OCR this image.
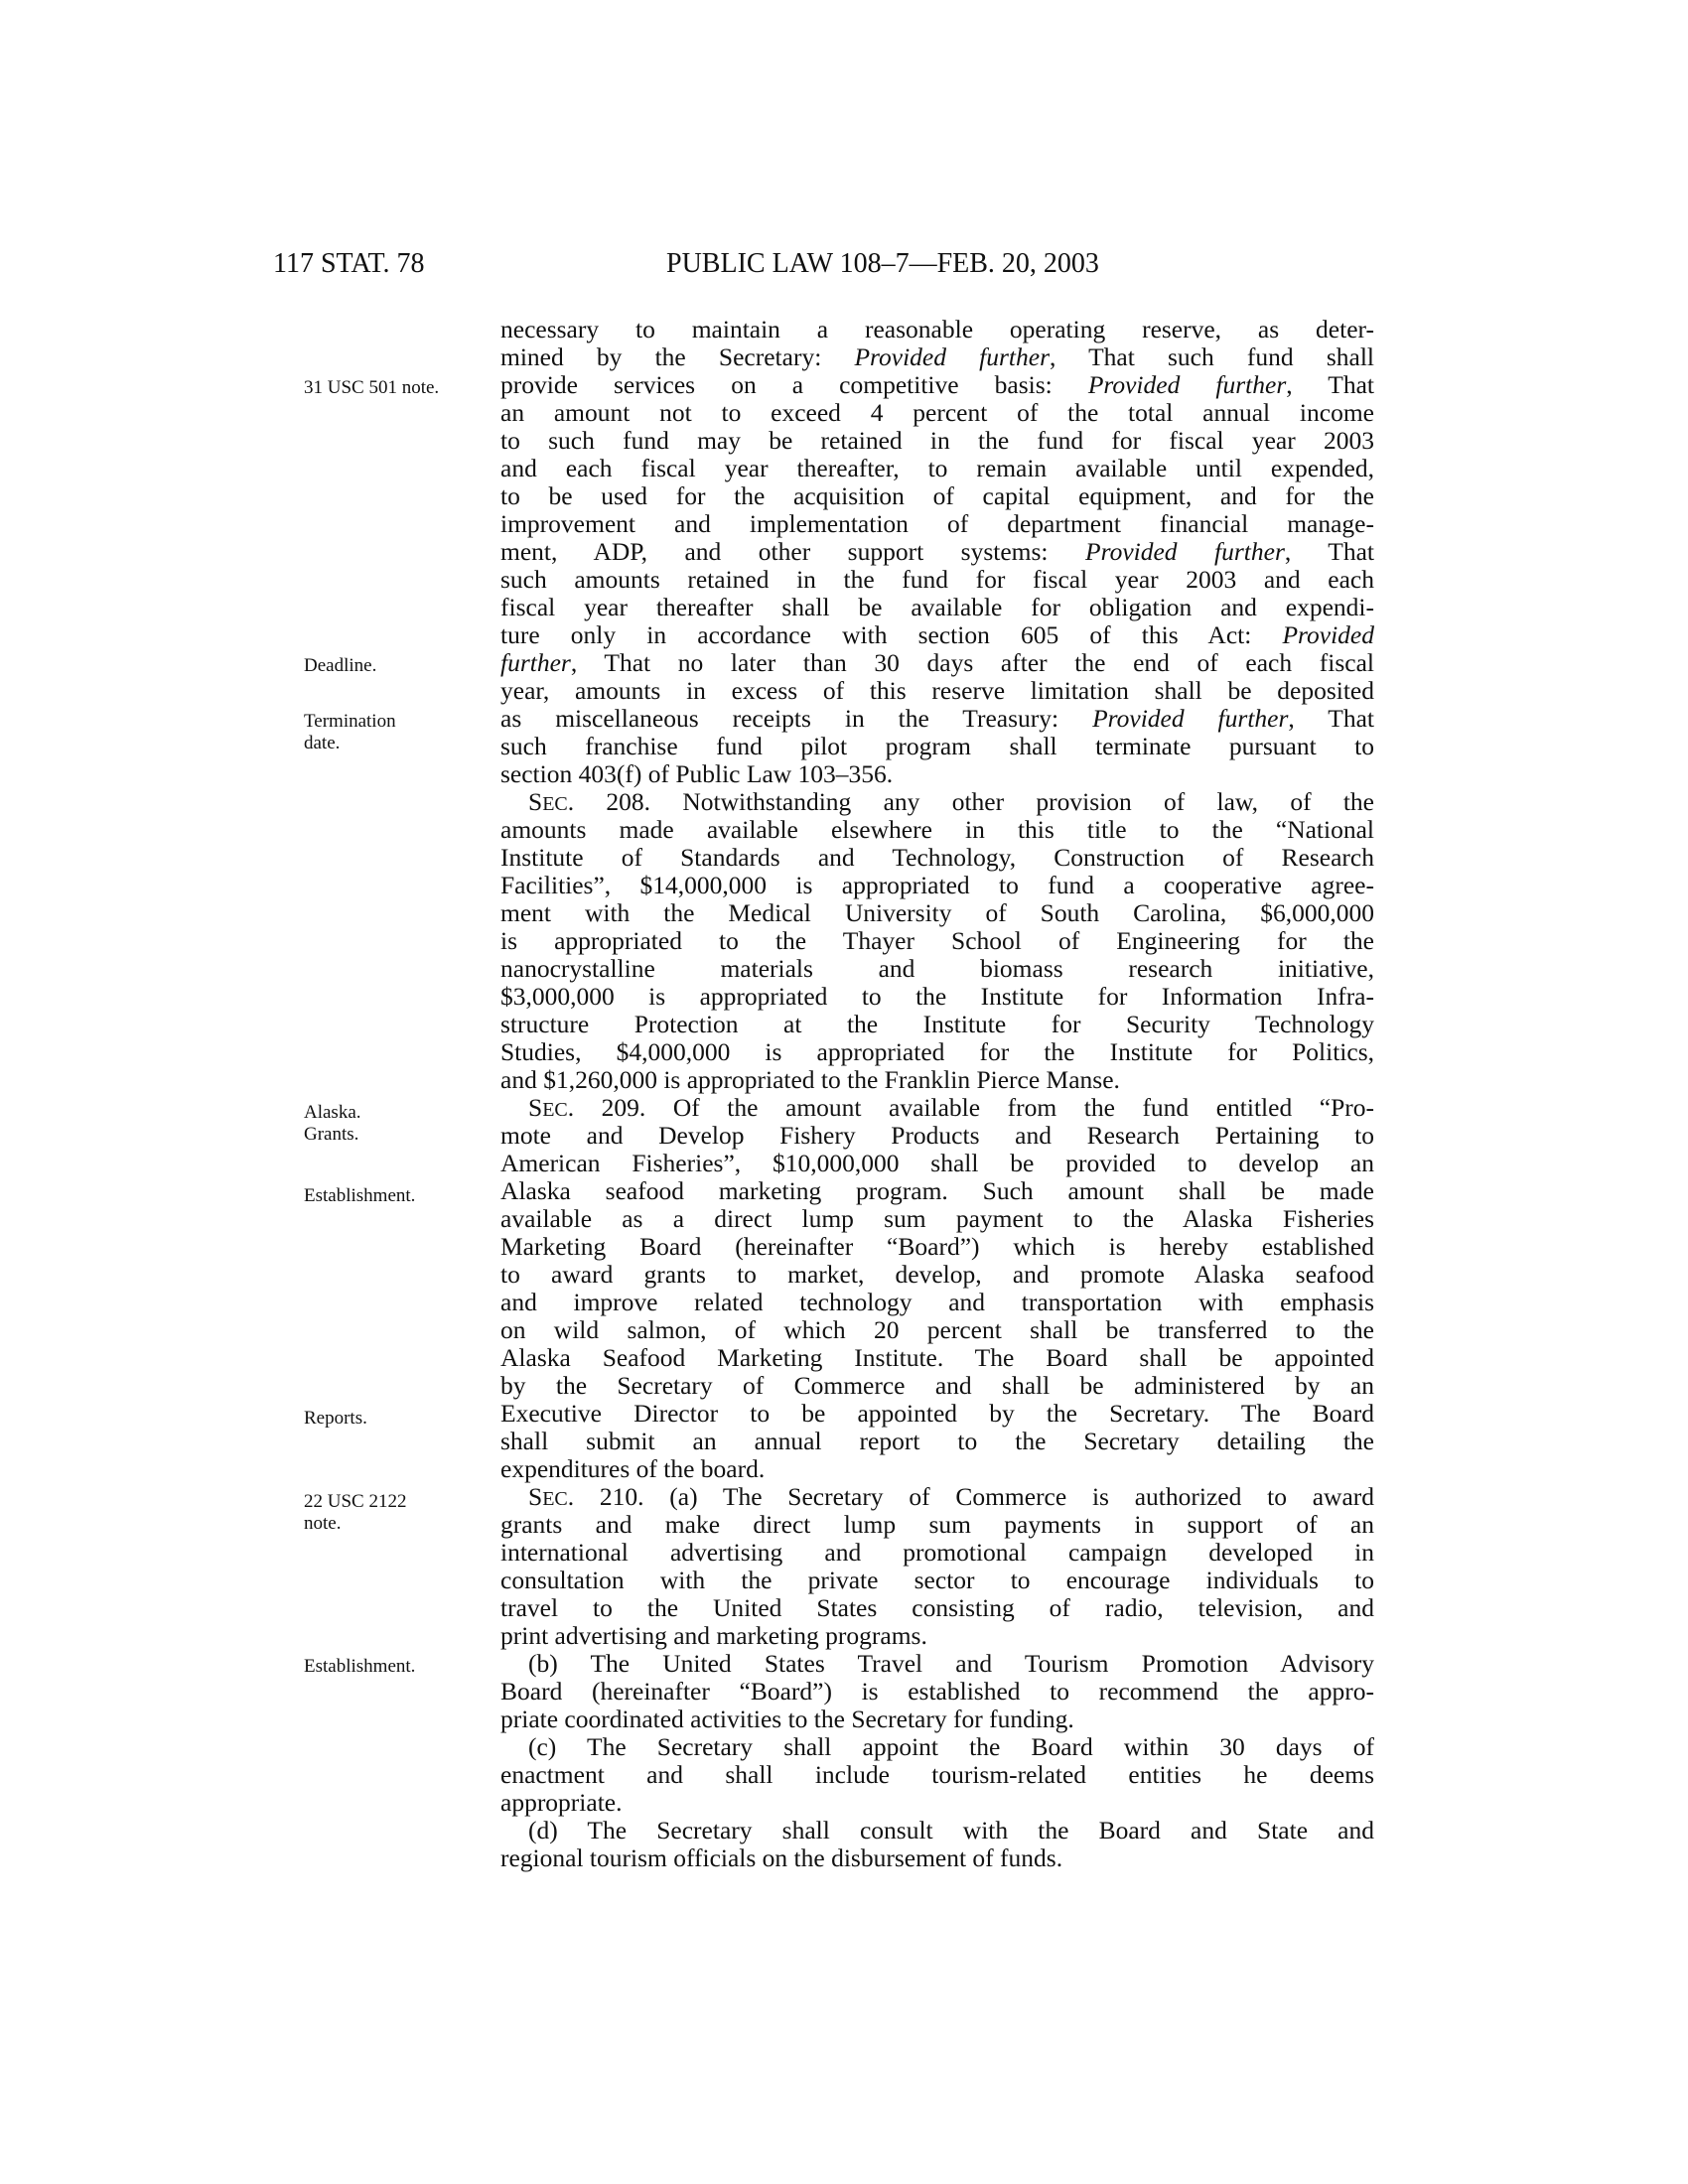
117 STAT. 78	PUBLIC LAW 108–7—FEB. 20, 2003
31 USC 501 note.
Deadline.
Termination
date.
Alaska.
Grants.
Establishment.
Reports.
22 USC 2122
note.
Establishment.
necessary to maintain a reasonable operating reserve, as deter-
mined by the Secretary: Provided further, That such fund shall
provide services on a competitive basis: Provided further, That
an amount not to exceed 4 percent of the total annual income
to such fund may be retained in the fund for fiscal year 2003
and each fiscal year thereafter, to remain available until expended,
to be used for the acquisition of capital equipment, and for the
improvement and implementation of department financial manage-
ment, ADP, and other support systems: Provided further, That
such amounts retained in the fund for fiscal year 2003 and each
fiscal year thereafter shall be available for obligation and expendi-
ture only in accordance with section 605 of this Act: Provided
further, That no later than 30 days after the end of each fiscal
year, amounts in excess of this reserve limitation shall be deposited
as miscellaneous receipts in the Treasury: Provided further, That
such franchise fund pilot program shall terminate pursuant to
section 403(f) of Public Law 103–356.
SEC. 208. Notwithstanding any other provision of law, of the
amounts made available elsewhere in this title to the “National
Institute of Standards and Technology, Construction of Research
Facilities”, $14,000,000 is appropriated to fund a cooperative agree-
ment with the Medical University of South Carolina, $6,000,000
is appropriated to the Thayer School of Engineering for the
nanocrystalline materials and biomass research initiative,
$3,000,000 is appropriated to the Institute for Information Infra-
structure Protection at the Institute for Security Technology
Studies, $4,000,000 is appropriated for the Institute for Politics,
and $1,260,000 is appropriated to the Franklin Pierce Manse.
SEC. 209. Of the amount available from the fund entitled “Pro-
mote and Develop Fishery Products and Research Pertaining to
American Fisheries”, $10,000,000 shall be provided to develop an
Alaska seafood marketing program. Such amount shall be made
available as a direct lump sum payment to the Alaska Fisheries
Marketing Board (hereinafter “Board”) which is hereby established
to award grants to market, develop, and promote Alaska seafood
and improve related technology and transportation with emphasis
on wild salmon, of which 20 percent shall be transferred to the
Alaska Seafood Marketing Institute. The Board shall be appointed
by the Secretary of Commerce and shall be administered by an
Executive Director to be appointed by the Secretary. The Board
shall submit an annual report to the Secretary detailing the
expenditures of the board.
SEC. 210. (a) The Secretary of Commerce is authorized to award
grants and make direct lump sum payments in support of an
international advertising and promotional campaign developed in
consultation with the private sector to encourage individuals to
travel to the United States consisting of radio, television, and
print advertising and marketing programs.
(b) The United States Travel and Tourism Promotion Advisory
Board (hereinafter “Board”) is established to recommend the appro-
priate coordinated activities to the Secretary for funding.
(c) The Secretary shall appoint the Board within 30 days of
enactment and shall include tourism-related entities he deems
appropriate.
(d) The Secretary shall consult with the Board and State and
regional tourism officials on the disbursement of funds.
